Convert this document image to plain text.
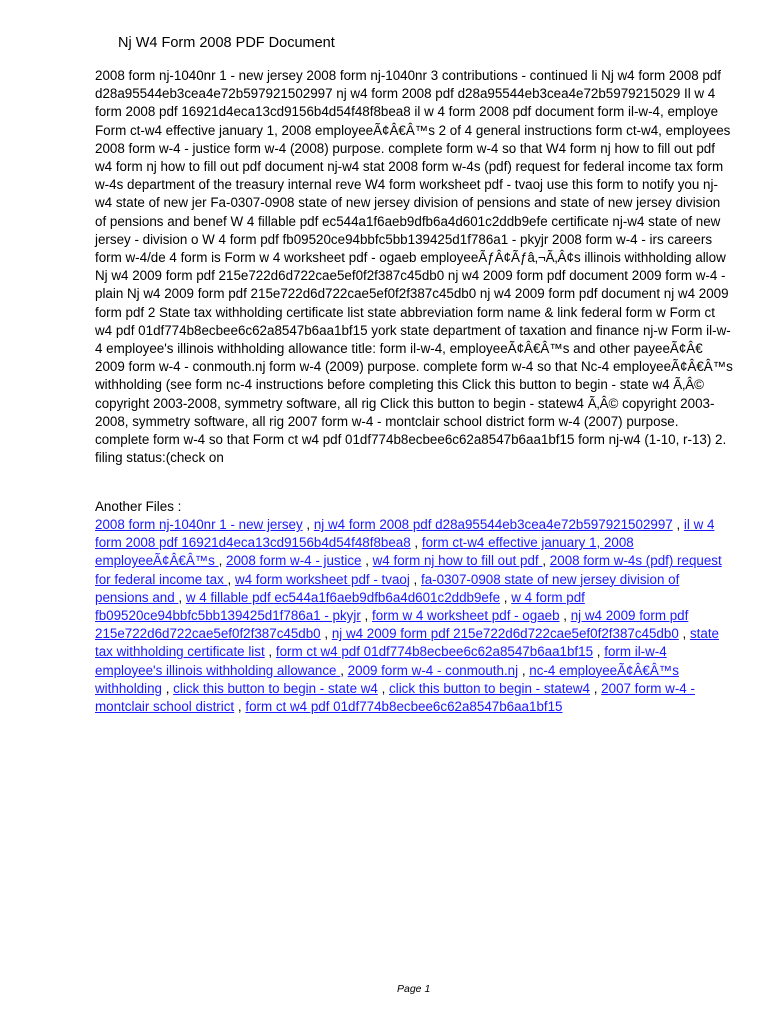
Nj W4 Form 2008 PDF Document
2008 form nj-1040nr 1 - new jersey 2008 form nj-1040nr 3 contributions - continued li Nj w4 form 2008 pdf d28a95544eb3cea4e72b597921502997 nj w4 form 2008 pdf d28a95544eb3cea4e72b5979215029 Il w 4 form 2008 pdf 16921d4eca13cd9156b4d54f48f8bea8 il w 4 form 2008 pdf document form il-w-4, employe Form ct-w4 effective january 1, 2008 employeeÃ¢Â€Â™s 2 of 4 general instructions form ct-w4, employees 2008 form w-4 - justice form w-4 (2008) purpose. complete form w-4 so that W4 form nj how to fill out pdf w4 form nj how to fill out pdf document nj-w4 stat 2008 form w-4s (pdf) request for federal income tax form w-4s department of the treasury internal reve W4 form worksheet pdf - tvaoj use this form to notify you nj-w4 state of new jer Fa-0307-0908 state of new jersey division of pensions and state of new jersey division of pensions and benef W 4 fillable pdf ec544a1f6aeb9dfb6a4d601c2ddb9efe certificate nj-w4 state of new jersey - division o W 4 form pdf fb09520ce94bbfc5bb139425d1f786a1 - pkyjr 2008 form w-4 - irs careers form w-4/de 4 form is Form w 4 worksheet pdf - ogaeb employeeÃƒÂ¢Ãƒâ‚¬Ã‚Â¢s illinois withholding allow Nj w4 2009 form pdf 215e722d6d722cae5ef0f2f387c45db0 nj w4 2009 form pdf document 2009 form w-4 - plain Nj w4 2009 form pdf 215e722d6d722cae5ef0f2f387c45db0 nj w4 2009 form pdf document nj w4 2009 form pdf 2 State tax withholding certificate list state abbreviation form name & link federal form w Form ct w4 pdf 01df774b8ecbee6c62a8547b6aa1bf15 york state department of taxation and finance nj-w Form il-w-4 employee's illinois withholding allowance title: form il-w-4, employeeÃ¢Â€Â™s and other payeeÃ¢Â€ 2009 form w-4 - conmouth.nj form w-4 (2009) purpose. complete form w-4 so that Nc-4 employeeÃ¢Â€Â™s withholding (see form nc-4 instructions before completing this Click this button to begin - state w4 Ã‚Â© copyright 2003-2008, symmetry software, all rig Click this button to begin - statew4 Ã‚Â© copyright 2003-2008, symmetry software, all rig 2007 form w-4 - montclair school district form w-4 (2007) purpose. complete form w-4 so that Form ct w4 pdf 01df774b8ecbee6c62a8547b6aa1bf15 form nj-w4 (1-10, r-13) 2. filing status:(check on
Another Files :
2008 form nj-1040nr 1 - new jersey , nj w4 form 2008 pdf d28a95544eb3cea4e72b597921502997 , il w 4 form 2008 pdf 16921d4eca13cd9156b4d54f48f8bea8 , form ct-w4 effective january 1, 2008 employeeÃ¢Â€Â™s , 2008 form w-4 - justice , w4 form nj how to fill out pdf , 2008 form w-4s (pdf) request for federal income tax , w4 form worksheet pdf - tvaoj , fa-0307-0908 state of new jersey division of pensions and , w 4 fillable pdf ec544a1f6aeb9dfb6a4d601c2ddb9efe , w 4 form pdf fb09520ce94bbfc5bb139425d1f786a1 - pkyjr , form w 4 worksheet pdf - ogaeb , nj w4 2009 form pdf 215e722d6d722cae5ef0f2f387c45db0 , nj w4 2009 form pdf 215e722d6d722cae5ef0f2f387c45db0 , state tax withholding certificate list , form ct w4 pdf 01df774b8ecbee6c62a8547b6aa1bf15 , form il-w-4 employee's illinois withholding allowance , 2009 form w-4 - conmouth.nj , nc-4 employeeÃ¢Â€Â™s withholding , click this button to begin - state w4 , click this button to begin - statew4 , 2007 form w-4 - montclair school district , form ct w4 pdf 01df774b8ecbee6c62a8547b6aa1bf15
Page 1
